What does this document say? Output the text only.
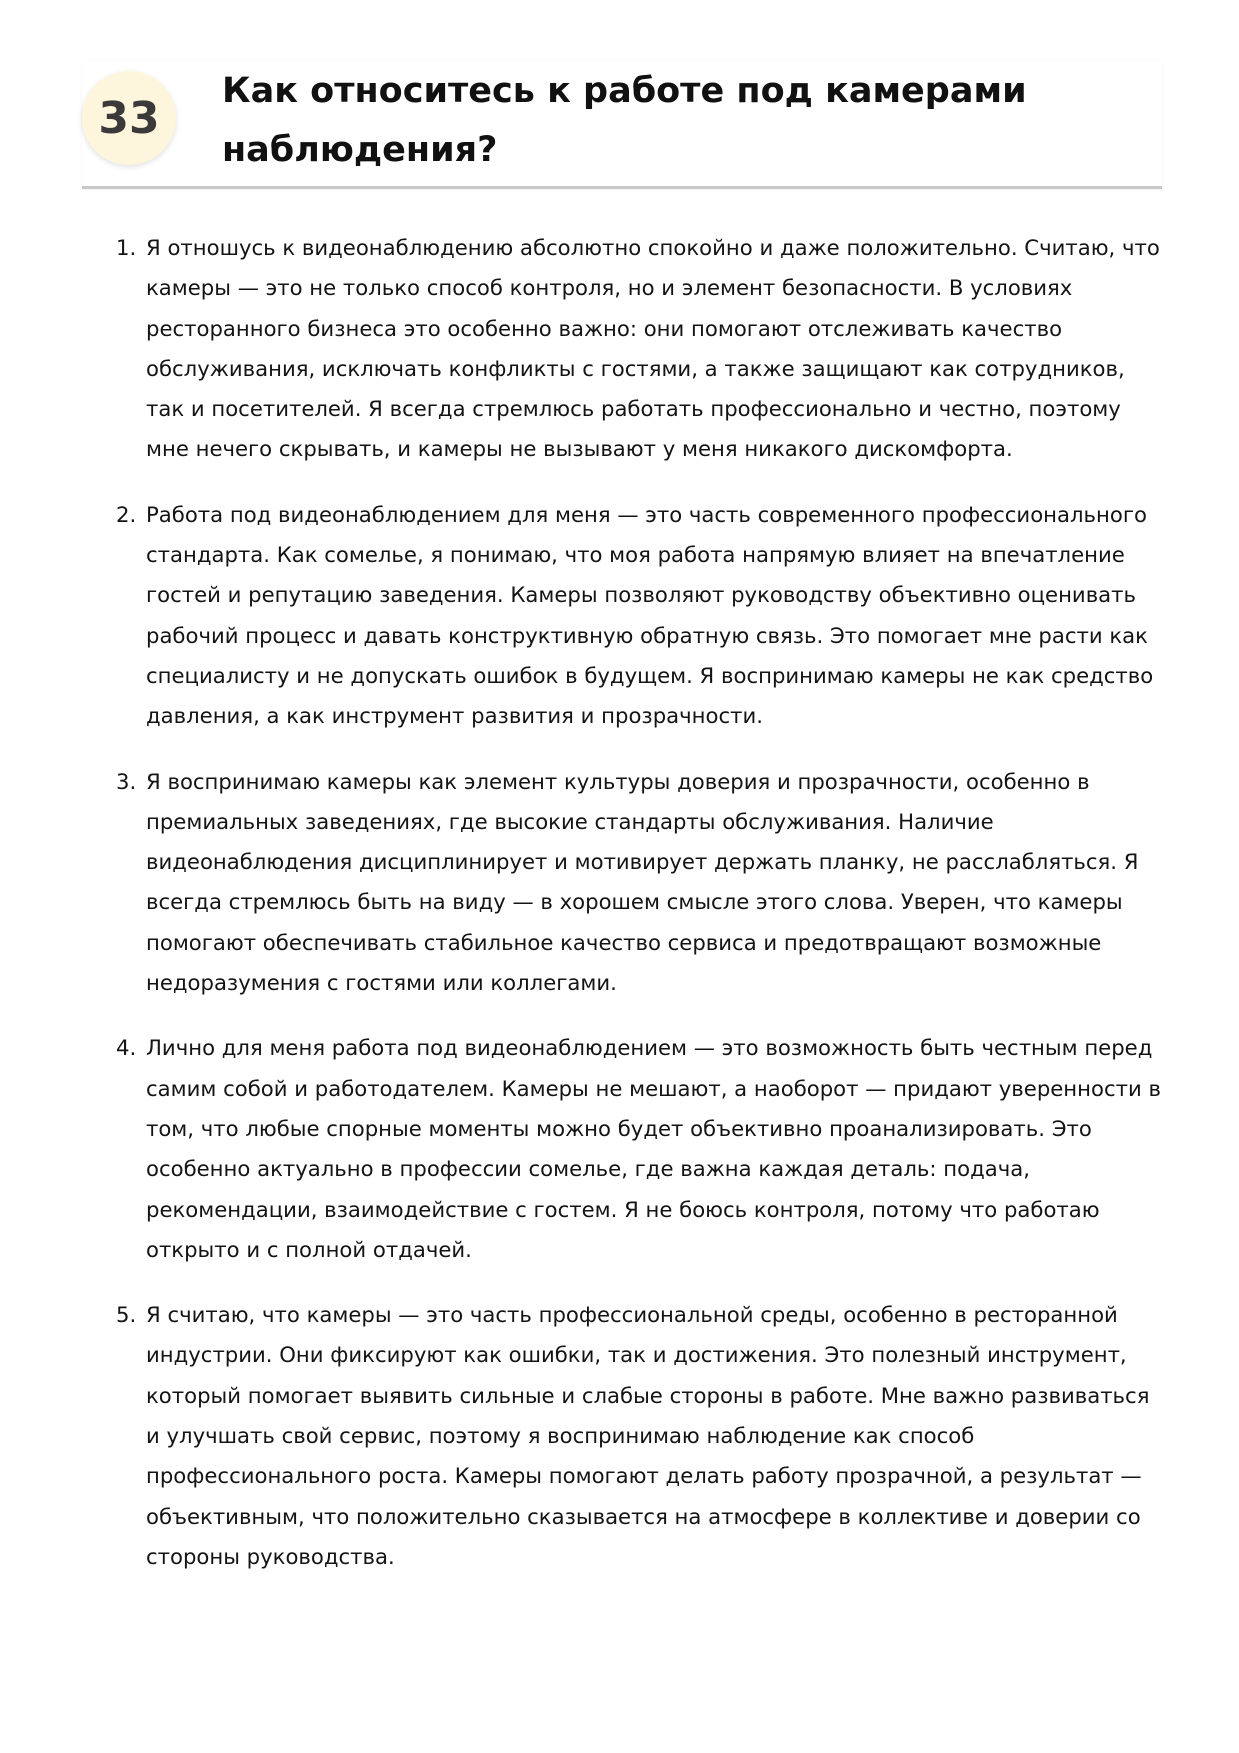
33
Как относитесь к работе под камерами наблюдения?
1. Я отношусь к видеонаблюдению абсолютно спокойно и даже положительно. Считаю, что камеры — это не только способ контроля, но и элемент безопасности. В условиях ресторанного бизнеса это особенно важно: они помогают отслеживать качество обслуживания, исключать конфликты с гостями, а также защищают как сотрудников, так и посетителей. Я всегда стремлюсь работать профессионально и честно, поэтому мне нечего скрывать, и камеры не вызывают у меня никакого дискомфорта.
2. Работа под видеонаблюдением для меня — это часть современного профессионального стандарта. Как сомелье, я понимаю, что моя работа напрямую влияет на впечатление гостей и репутацию заведения. Камеры позволяют руководству объективно оценивать рабочий процесс и давать конструктивную обратную связь. Это помогает мне расти как специалисту и не допускать ошибок в будущем. Я воспринимаю камеры не как средство давления, а как инструмент развития и прозрачности.
3. Я воспринимаю камеры как элемент культуры доверия и прозрачности, особенно в премиальных заведениях, где высокие стандарты обслуживания. Наличие видеонаблюдения дисциплинирует и мотивирует держать планку, не расслабляться. Я всегда стремлюсь быть на виду — в хорошем смысле этого слова. Уверен, что камеры помогают обеспечивать стабильное качество сервиса и предотвращают возможные недоразумения с гостями или коллегами.
4. Лично для меня работа под видеонаблюдением — это возможность быть честным перед самим собой и работодателем. Камеры не мешают, а наоборот — придают уверенности в том, что любые спорные моменты можно будет объективно проанализировать. Это особенно актуально в профессии сомелье, где важна каждая деталь: подача, рекомендации, взаимодействие с гостем. Я не боюсь контроля, потому что работаю открыто и с полной отдачей.
5. Я считаю, что камеры — это часть профессиональной среды, особенно в ресторанной индустрии. Они фиксируют как ошибки, так и достижения. Это полезный инструмент, который помогает выявить сильные и слабые стороны в работе. Мне важно развиваться и улучшать свой сервис, поэтому я воспринимаю наблюдение как способ профессионального роста. Камеры помогают делать работу прозрачной, а результат — объективным, что положительно сказывается на атмосфере в коллективе и доверии со стороны руководства.
